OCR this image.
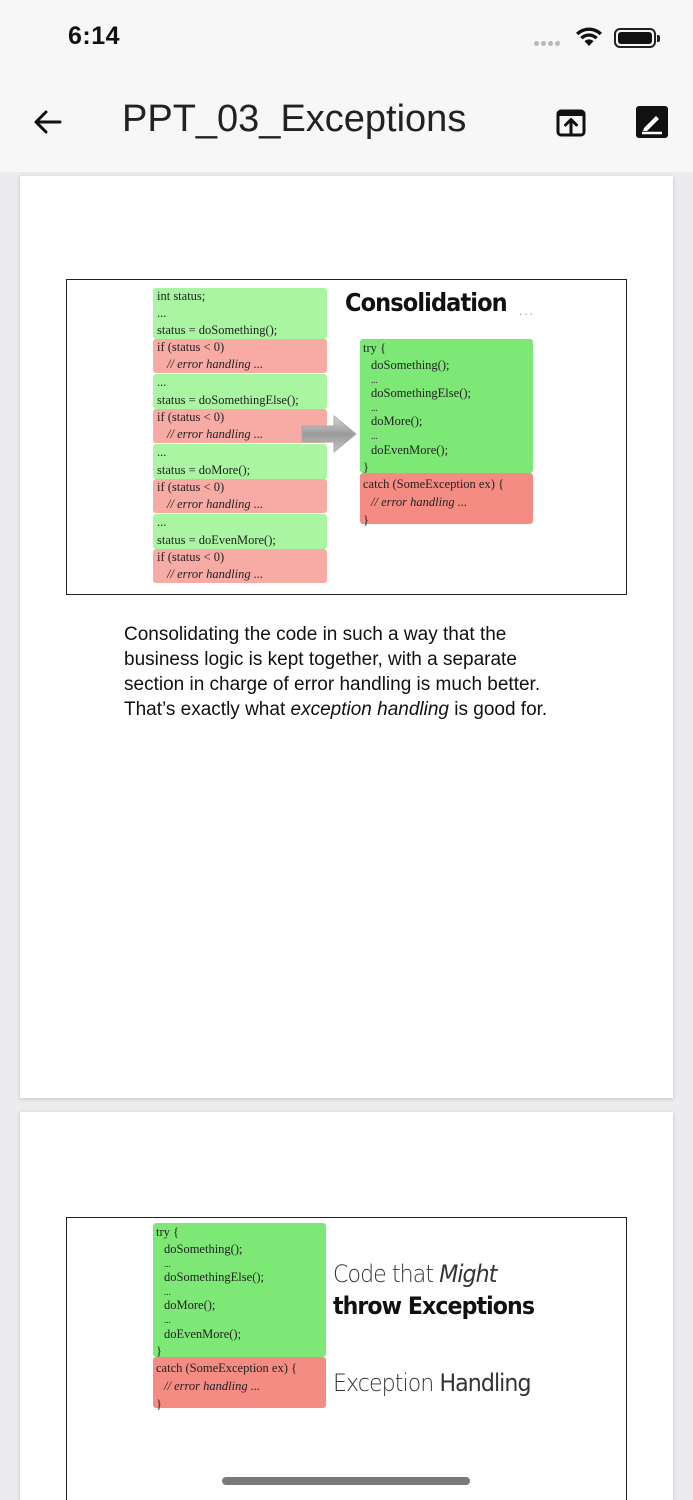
6:14
PPT_03_Exceptions
int status;
...
status = doSomething();
if (status < 0)
// error handling ...
...
status = doSomethingElse();
if (status < 0)
// error handling ...
...
status = doMore();
if (status < 0)
// error handling ...
...
status = doEvenMore();
if (status < 0)
// error handling ...
Consolidation ...
try {
doSomething();
...
doSomethingElse();
...
doMore();
...
doEvenMore();
}
catch (SomeException ex) {
// error handling ...
}

Consolidating the code in such a way that the business logic is kept together, with a separate section in charge of error handling is much better. That’s exactly what exception handling is good for.

try {
doSomething();
...
doSomethingElse();
...
doMore();
...
doEvenMore();
}
catch (SomeException ex) {
// error handling ...
}
Code that Might
throw Exceptions
Exception Handling
